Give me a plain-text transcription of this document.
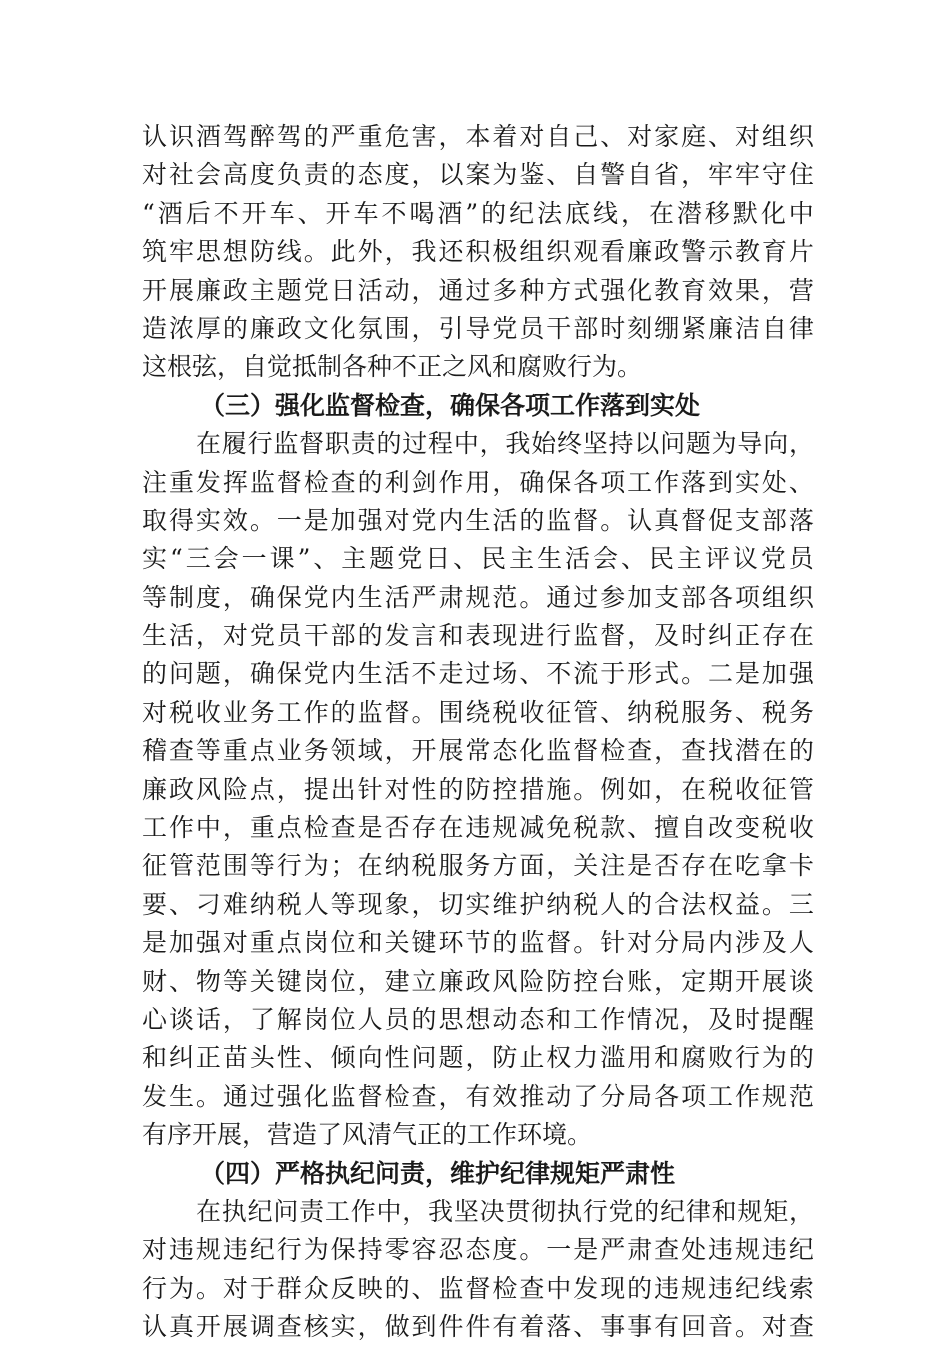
认 识 酒 驾 醉 驾 的 严 重 危 害 ， 本 着 对 自 己 、 对 家 庭 、 对 组 织
对 社 会 高 度 负 责 的 态 度 ， 以 案 为 鉴 、 自 警 自 省 ， 牢 牢 守 住
“ 酒 后 不 开 车 、 开 车 不 喝 酒 ” 的 纪 法 底 线 ， 在 潜 移 默 化 中
筑 牢 思 想 防 线 。 此 外 ， 我 还 积 极 组 织 观 看 廉 政 警 示 教 育 片
开 展 廉 政 主 题 党 日 活 动 ， 通 过 多 种 方 式 强 化 教 育 效 果 ， 营
造 浓 厚 的 廉 政 文 化 氛 围 ， 引 导 党 员 干 部 时 刻 绷 紧 廉 洁 自 律
这根弦，自觉抵制各种不正之风和腐败行为。
（三）强化监督检查，确保各项工作落到实处
在 履 行 监 督 职 责 的 过 程 中 ， 我 始 终 坚 持 以 问 题 为 导 向 ，
注 重 发 挥 监 督 检 查 的 利 剑 作 用 ， 确 保 各 项 工 作 落 到 实 处 、
取 得 实 效 。 一 是 加 强 对 党 内 生 活 的 监 督 。 认 真 督 促 支 部 落
实 “ 三 会 一 课 ” 、 主 题 党 日 、 民 主 生 活 会 、 民 主 评 议 党 员
等 制 度 ， 确 保 党 内 生 活 严 肃 规 范 。 通 过 参 加 支 部 各 项 组 织
生 活 ， 对 党 员 干 部 的 发 言 和 表 现 进 行 监 督 ， 及 时 纠 正 存 在
的 问 题 ， 确 保 党 内 生 活 不 走 过 场 、 不 流 于 形 式 。 二 是 加 强
对 税 收 业 务 工 作 的 监 督 。 围 绕 税 收 征 管 、 纳 税 服 务 、 税 务
稽 查 等 重 点 业 务 领 域 ， 开 展 常 态 化 监 督 检 查 ， 查 找 潜 在 的
廉 政 风 险 点 ， 提 出 针 对 性 的 防 控 措 施 。 例 如 ， 在 税 收 征 管
工 作 中 ， 重 点 检 查 是 否 存 在 违 规 减 免 税 款 、 擅 自 改 变 税 收
征 管 范 围 等 行 为 ； 在 纳 税 服 务 方 面 ， 关 注 是 否 存 在 吃 拿 卡
要 、 刁 难 纳 税 人 等 现 象 ， 切 实 维 护 纳 税 人 的 合 法 权 益 。 三
是 加 强 对 重 点 岗 位 和 关 键 环 节 的 监 督 。 针 对 分 局 内 涉 及 人
财 、 物 等 关 键 岗 位 ， 建 立 廉 政 风 险 防 控 台 账 ， 定 期 开 展 谈
心 谈 话 ， 了 解 岗 位 人 员 的 思 想 动 态 和 工 作 情 况 ， 及 时 提 醒
和 纠 正 苗 头 性 、 倾 向 性 问 题 ， 防 止 权 力 滥 用 和 腐 败 行 为 的
发 生 。 通 过 强 化 监 督 检 查 ， 有 效 推 动 了 分 局 各 项 工 作 规 范
有序开展，营造了风清气正的工作环境。
（四）严格执纪问责，维护纪律规矩严肃性
在 执 纪 问 责 工 作 中 ， 我 坚 决 贯 彻 执 行 党 的 纪 律 和 规 矩 ，
对 违 规 违 纪 行 为 保 持 零 容 忍 态 度 。 一 是 严 肃 查 处 违 规 违 纪
行 为 。 对 于 群 众 反 映 的 、 监 督 检 查 中 发 现 的 违 规 违 纪 线 索
认 真 开 展 调 查 核 实 ， 做 到 件 件 有 着 落 、 事 事 有 回 音 。 对 查
